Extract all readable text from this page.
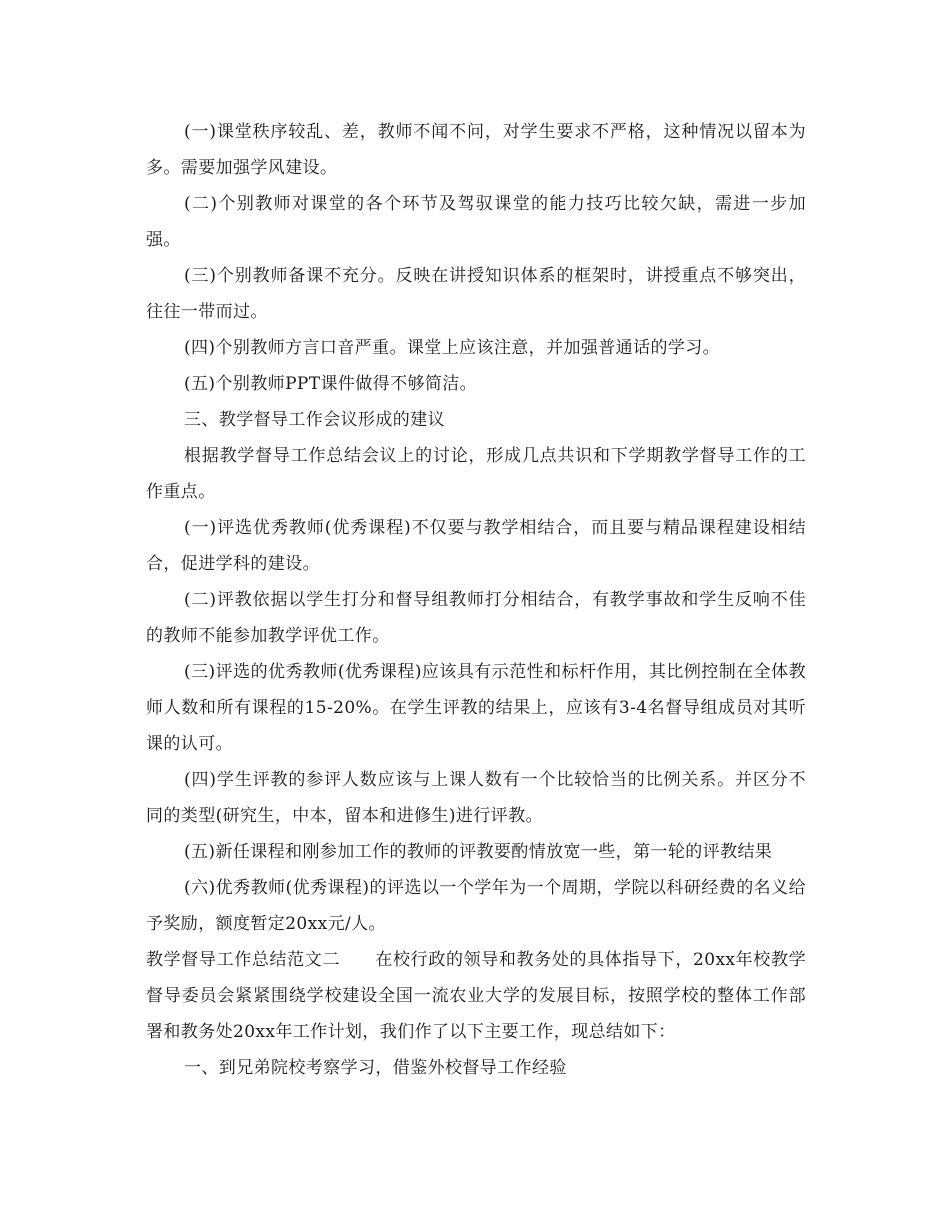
(一)课堂秩序较乱、差，教师不闻不问，对学生要求不严格，这种情况以留本为多。需要加强学风建设。

(二)个别教师对课堂的各个环节及驾驭课堂的能力技巧比较欠缺，需进一步加强。

(三)个别教师备课不充分。反映在讲授知识体系的框架时，讲授重点不够突出，往往一带而过。

(四)个别教师方言口音严重。课堂上应该注意，并加强普通话的学习。

(五)个别教师PPT课件做得不够简洁。

三、教学督导工作会议形成的建议

根据教学督导工作总结会议上的讨论，形成几点共识和下学期教学督导工作的工作重点。

(一)评选优秀教师(优秀课程)不仅要与教学相结合，而且要与精品课程建设相结合，促进学科的建设。

(二)评教依据以学生打分和督导组教师打分相结合，有教学事故和学生反响不佳的教师不能参加教学评优工作。

(三)评选的优秀教师(优秀课程)应该具有示范性和标杆作用，其比例控制在全体教师人数和所有课程的15-20%。在学生评教的结果上，应该有3-4名督导组成员对其听课的认可。

(四)学生评教的参评人数应该与上课人数有一个比较恰当的比例关系。并区分不同的类型(研究生，中本，留本和进修生)进行评教。

(五)新任课程和刚参加工作的教师的评教要酌情放宽一些，第一轮的评教结果

(六)优秀教师(优秀课程)的评选以一个学年为一个周期，学院以科研经费的名义给予奖励，额度暂定20xx元/人。

教学督导工作总结范文二　　在校行政的领导和教务处的具体指导下，20xx年校教学督导委员会紧紧围绕学校建设全国一流农业大学的发展目标，按照学校的整体工作部署和教务处20xx年工作计划，我们作了以下主要工作，现总结如下：

一、到兄弟院校考察学习，借鉴外校督导工作经验
